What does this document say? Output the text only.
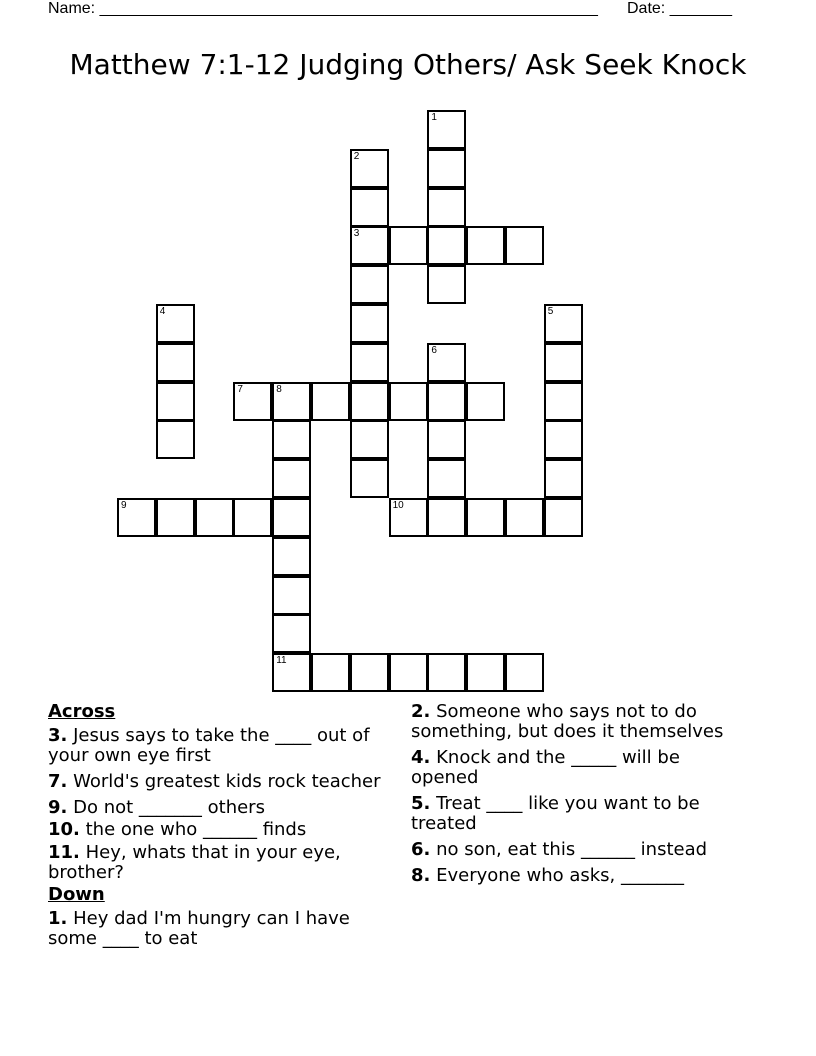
Name: ________________________________________________________ Date: _______
Matthew 7:1-12 Judging Others/ Ask Seek Knock
1
2
3
4	5
6
7	8
11
9	10
Across
3. Jesus says to take the ____ out of your own eye first
7. World's greatest kids rock teacher
9. Do not _______ others
10. the one who ______ finds
11. Hey, whats that in your eye, brother?
Down
1. Hey dad I'm hungry can I have some ____ to eat
2. Someone who says not to do something, but does it themselves
4. Knock and the _____ will be opened
5. Treat ____ like you want to be treated
6. no son, eat this ______ instead
8. Everyone who asks, _______
